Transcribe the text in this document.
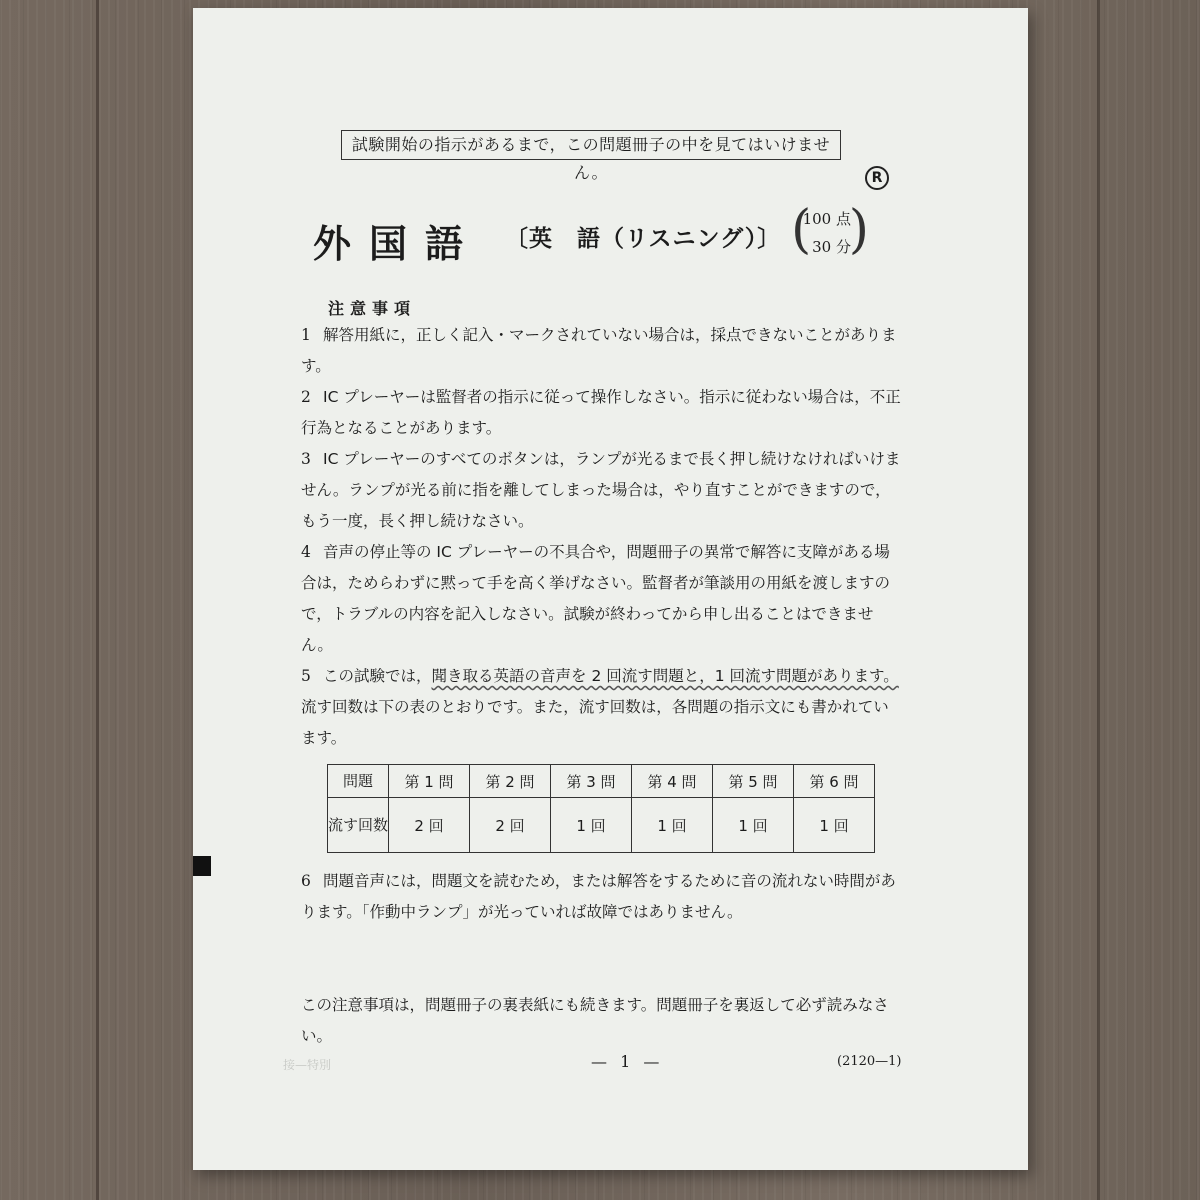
試験開始の指示があるまで，この問題冊子の中を見てはいけません。	R
外国語 〔英　語（リスニング）〕 (
100 点
30 分
)
注意事項
1 解答用紙に，正しく記入・マークされていない場合は，採点できないことがあります。
2 IC プレーヤーは監督者の指示に従って操作しなさい。指示に従わない場合は，不正行為となることがあります。
3 IC プレーヤーのすべてのボタンは，ランプが光るまで長く押し続けなければいけません。ランプが光る前に指を離してしまった場合は，やり直すことができますので，もう一度，長く押し続けなさい。
4 音声の停止等の IC プレーヤーの不具合や，問題冊子の異常で解答に支障がある場合は，ためらわずに黙って手を高く挙げなさい。監督者が筆談用の用紙を渡しますので，トラブルの内容を記入しなさい。試験が終わってから申し出ることはできません。
5 この試験では，聞き取る英語の音声を 2 回流す問題と，1 回流す問題があります。流す回数は下の表のとおりです。また，流す回数は，各問題の指示文にも書かれています。
問題	第 1 問	第 2 問	第 3 問	第 4 問	第 5 問	第 6 問
流す回数	2 回	2 回	1 回	1 回	1 回	1 回
6 問題音声には，問題文を読むため，または解答をするために音の流れない時間があります。「作動中ランプ」が光っていれば故障ではありません。
この注意事項は，問題冊子の裏表紙にも続きます。問題冊子を裏返して必ず読みなさい。
接—特別	— 1 —	(2120—1)
